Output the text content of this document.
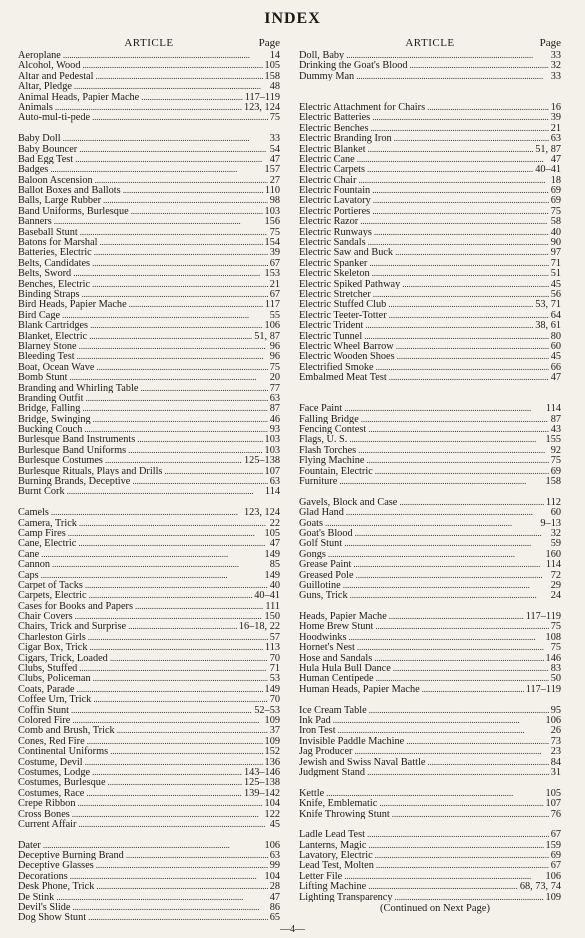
INDEX
ARTICLE	Page
Aeroplane . . .	14
Alcohol, Wood . . .	105
Altar and Pedestal . . .	158
Altar, Pledge . . .	48
Animal Heads, Papier Mache . . .	117–119
Animals . . .	123, 124
Auto-mul-ti-pede . . .	75
Baby Doll . . .	33
Baby Bouncer . . .	54
Bad Egg Test . . .	47
Badges . . .	157
Baloon Ascension . . .	27
Ballot Boxes and Ballots . . .	110
Balls, Large Rubber . . .	98
Band Uniforms, Burlesque . . .	103
Banners . . .	156
Baseball Stunt . . .	75
Batons for Marshal . . .	154
Batteries, Electric . . .	39
Belts, Candidates . . .	67
Belts, Sword . . .	153
Benches, Electric . . .	21
Binding Straps . . .	67
Bird Heads, Papier Mache . . .	117
Bird Cage . . .	55
Blank Cartridges . . .	106
Blanket, Electric . . .	51, 87
Blarney Stone . . .	96
Bleeding Test . . .	96
Boat, Ocean Wave . . .	75
Bomb Stunt . . .	20
Branding and Whirling Table . . .	77
Branding Outfit . . .	63
Bridge, Falling . . .	87
Bridge, Swinging . . .	46
Bucking Couch . . .	93
Burlesque Band Instruments . . .	103
Burlesque Band Uniforms . . .	103
Burlesque Costumes . . .	125–138
Burlesque Rituals, Plays and Drills . . .	107
Burning Brands, Deceptive . . .	63
Burnt Cork . . .	114
Camels . . .	123, 124
Camera, Trick . . .	22
Camp Fires . . .	105
Cane, Electric . . .	47
Cane . . .	149
Cannon . . .	85
Caps . . .	149
Carpet of Tacks . . .	40
Carpets, Electric . . .	40–41
Cases for Books and Papers . . .	111
Chair Covers . . .	150
Chairs, Trick and Surprise . . .	16–18, 22
Charleston Girls . . .	57
Cigar Box, Trick . . .	113
Cigars, Trick, Loaded . . .	70
Clubs, Stuffed . . .	71
Clubs, Policeman . . .	53
Coats, Parade . . .	149
Coffee Urn, Trick . . .	70
Coffin Stunt . . .	52–53
Colored Fire . . .	109
Comb and Brush, Trick . . .	37
Cones, Red Fire . . .	109
Continental Uniforms . . .	152
Costume, Devil . . .	136
Costumes, Lodge . . .	143–146
Costumes, Burlesque . . .	125–138
Costumes, Race . . .	139–142
Crepe Ribbon . . .	104
Cross Bones . . .	122
Current Affair . . .	45
Dater . . .	106
Deceptive Burning Brand . . .	63
Deceptive Glasses . . .	99
Decorations . . .	104
Desk Phone, Trick . . .	28
De Stink . . .	47
Devil's Slide . . .	86
Dog Show Stunt . . .	65
ARTICLE	Page
Doll, Baby . . .	33
Drinking the Goat's Blood . . .	32
Dummy Man . . .	33
Electric Attachment for Chairs . . .	16
Electric Batteries . . .	39
Electric Benches . . .	21
Electric Branding Iron . . .	63
Electric Blanket . . .	51, 87
Electric Cane . . .	47
Electric Carpets . . .	40–41
Electric Chair . . .	18
Electric Fountain . . .	69
Electric Lavatory . . .	69
Electric Portieres . . .	75
Electric Razor . . .	58
Electric Runways . . .	40
Electric Sandals . . .	90
Electric Saw and Buck . . .	97
Electric Spanker . . .	71
Electric Skeleton . . .	51
Electric Spiked Pathway . . .	45
Electric Stretcher . . .	56
Electric Stuffed Club . . .	53, 71
Electric Teeter-Totter . . .	64
Electric Trident . . .	38, 61
Electric Tunnel . . .	80
Electric Wheel Barrow . . .	60
Electric Wooden Shoes . . .	45
Electrified Smoke . . .	66
Embalmed Meat Test . . .	47
Face Paint . . .	114
Falling Bridge . . .	87
Fencing Contest . . .	43
Flags, U. S. . . .	155
Flash Torches . . .	92
Flying Machine . . .	75
Fountain, Electric . . .	69
Furniture . . .	158
Gavels, Block and Case . . .	112
Glad Hand . . .	60
Goats . . .	9–13
Goat's Blood . . .	32
Golf Stunt . . .	59
Gongs . . .	160
Grease Paint . . .	114
Greased Pole . . .	72
Guillotine . . .	29
Guns, Trick . . .	24
Heads, Papier Mache . . .	117–119
Home Brew Stunt . . .	75
Hoodwinks . . .	108
Hornet's Nest . . .	75
Hose and Sandals . . .	146
Hula Hula Bull Dance . . .	83
Human Centipede . . .	50
Human Heads, Papier Mache . . .	117–119
Ice Cream Table . . .	95
Ink Pad . . .	106
Iron Test . . .	26
Invisible Paddle Machine . . .	73
Jag Producer . . .	23
Jewish and Swiss Naval Battle . . .	84
Judgment Stand . . .	31
Kettle . . .	105
Knife, Emblematic . . .	107
Knife Throwing Stunt . . .	76
Ladle Lead Test . . .	67
Lanterns, Magic . . .	159
Lavatory, Electric . . .	69
Lead Test, Molten . . .	67
Letter File . . .	106
Lifting Machine . . .	68, 73, 74
Lighting Transparency . . .	109
(Continued on Next Page)
—4—
